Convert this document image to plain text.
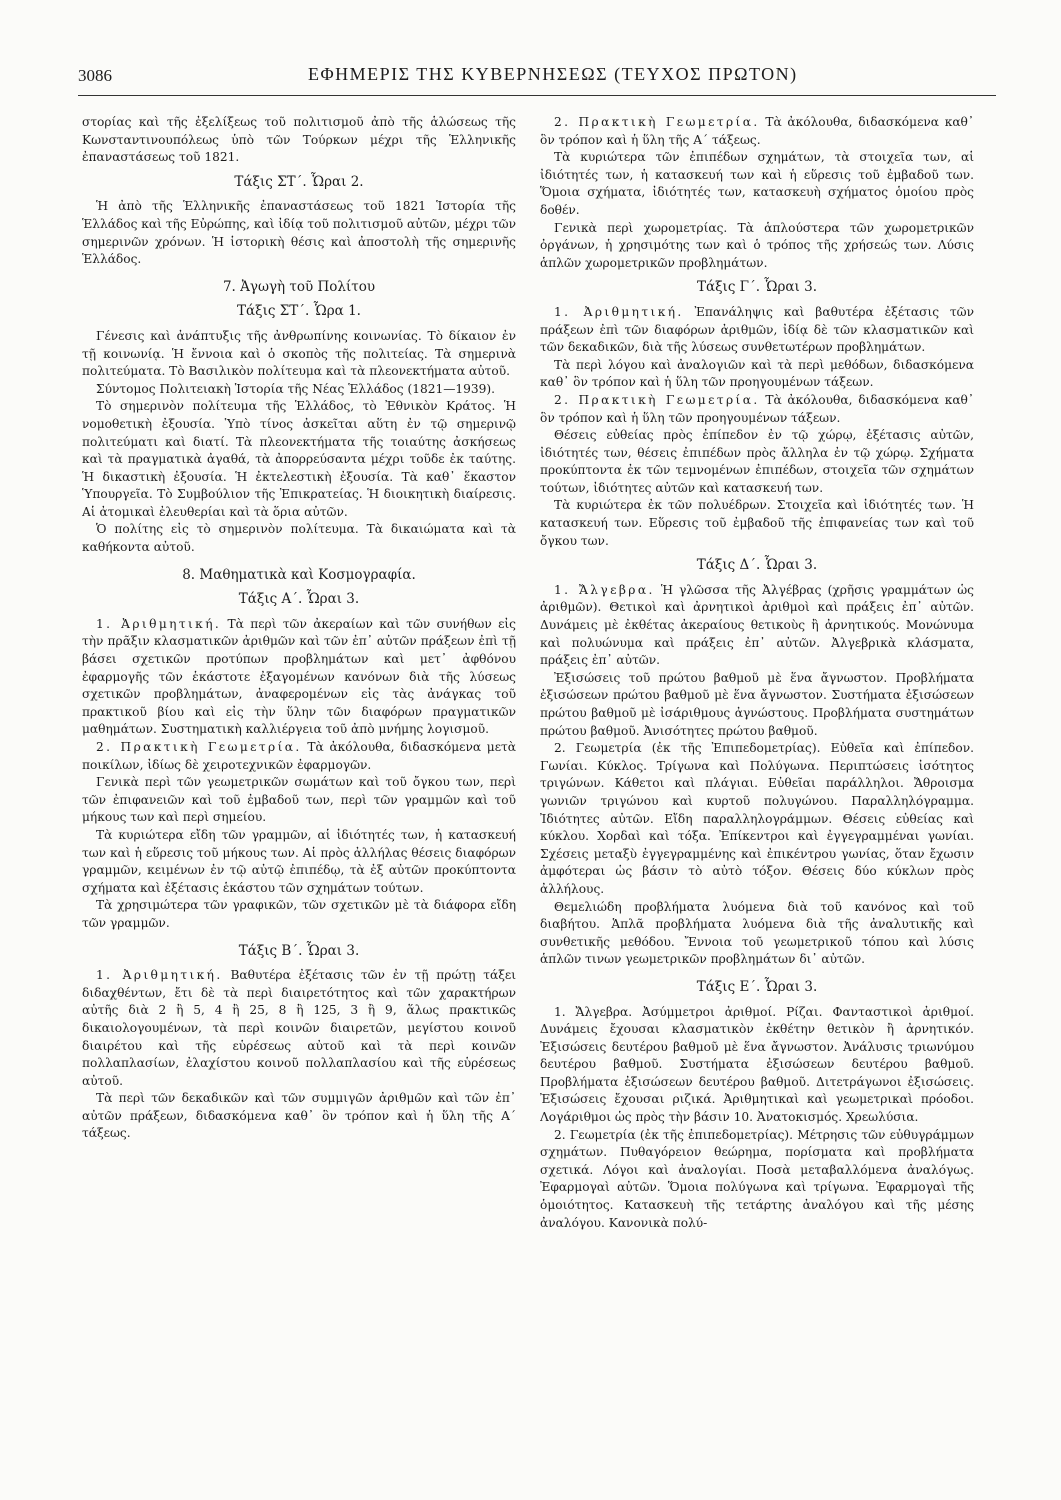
3086	ΕΦΗΜΕΡΙΣ ΤΗΣ ΚΥΒΕΡΝΗΣΕΩΣ (ΤΕΥΧΟΣ ΠΡΩΤΟΝ)

στορίας καὶ τῆς ἐξελίξεως τοῦ πολιτισμοῦ ἀπὸ τῆς ἁλώσεως τῆς Κωνσταντινουπόλεως ὑπὸ τῶν Τούρκων μέχρι τῆς Ἑλληνικῆς ἐπαναστάσεως τοῦ 1821.

Τάξις ΣΤ΄. Ὧραι 2.

Ἡ ἀπὸ τῆς Ἑλληνικῆς ἐπαναστάσεως τοῦ 1821 Ἱστορία τῆς Ἑλλάδος καὶ τῆς Εὐρώπης, καὶ ἰδίᾳ τοῦ πολιτισμοῦ αὐτῶν, μέχρι τῶν σημερινῶν χρόνων. Ἡ ἱστορικὴ θέσις καὶ ἀποστολὴ τῆς σημερινῆς Ἑλλάδος.

7. Ἀγωγὴ τοῦ Πολίτου

Τάξις ΣΤ΄. Ὧρα 1.

Γένεσις καὶ ἀνάπτυξις τῆς ἀνθρωπίνης κοινωνίας. Τὸ δίκαιον ἐν τῇ κοινωνίᾳ. Ἡ ἔννοια καὶ ὁ σκοπὸς τῆς πολιτείας. Τὰ σημερινὰ πολιτεύματα. Τὸ Βασιλικὸν πολίτευμα καὶ τὰ πλεονεκτήματα αὐτοῦ.

Σύντομος Πολιτειακὴ Ἱστορία τῆς Νέας Ἑλλάδος (1821—1939).

Τὸ σημερινὸν πολίτευμα τῆς Ἑλλάδος, τὸ Ἐθνικὸν Κράτος. Ἡ νομοθετικὴ ἐξουσία. Ὑπὸ τίνος ἀσκεῖται αὕτη ἐν τῷ σημερινῷ πολιτεύματι καὶ διατί. Τὰ πλεονεκτήματα τῆς τοιαύτης ἀσκήσεως καὶ τὰ πραγματικὰ ἀγαθά, τὰ ἀπορρεύσαντα μέχρι τοῦδε ἐκ ταύτης. Ἡ δικαστικὴ ἐξουσία. Ἡ ἐκτελεστικὴ ἐξουσία. Τὰ καθ᾽ ἕκαστον Ὑπουργεῖα. Τὸ Συμβούλιον τῆς Ἐπικρατείας. Ἡ διοικητικὴ διαίρεσις. Αἱ ἀτομικαὶ ἐλευθερίαι καὶ τὰ ὅρια αὐτῶν.

Ὁ πολίτης εἰς τὸ σημερινὸν πολίτευμα. Τὰ δικαιώματα καὶ τὰ καθήκοντα αὐτοῦ.

8. Μαθηματικὰ καὶ Κοσμογραφία.

Τάξις Α΄. Ὧραι 3.

1. Ἀριθμητική. Τὰ περὶ τῶν ἀκεραίων καὶ τῶν συνήθων εἰς τὴν πρᾶξιν κλασματικῶν ἀριθμῶν καὶ τῶν ἐπ᾽ αὐτῶν πράξεων ἐπὶ τῇ βάσει σχετικῶν προτύπων προβλημάτων καὶ μετ᾽ ἀφθόνου ἐφαρμογῆς τῶν ἑκάστοτε ἐξαγομένων κανόνων διὰ τῆς λύσεως σχετικῶν προβλημάτων, ἀναφερομένων εἰς τὰς ἀνάγκας τοῦ πρακτικοῦ βίου καὶ εἰς τὴν ὕλην τῶν διαφόρων πραγματικῶν μαθημάτων. Συστηματικὴ καλλιέργεια τοῦ ἀπὸ μνήμης λογισμοῦ.

2. Πρακτικὴ Γεωμετρία. Τὰ ἀκόλουθα, διδασκόμενα μετὰ ποικίλων, ἰδίως δὲ χειροτεχνικῶν ἐφαρμογῶν.

Γενικὰ περὶ τῶν γεωμετρικῶν σωμάτων καὶ τοῦ ὄγκου των, περὶ τῶν ἐπιφανειῶν καὶ τοῦ ἐμβαδοῦ των, περὶ τῶν γραμμῶν καὶ τοῦ μήκους των καὶ περὶ σημείου.

Τὰ κυριώτερα εἴδη τῶν γραμμῶν, αἱ ἰδιότητές των, ἡ κατασκευή των καὶ ἡ εὕρεσις τοῦ μήκους των. Αἱ πρὸς ἀλλήλας θέσεις διαφόρων γραμμῶν, κειμένων ἐν τῷ αὐτῷ ἐπιπέδῳ, τὰ ἐξ αὐτῶν προκύπτοντα σχήματα καὶ ἐξέτασις ἑκάστου τῶν σχημάτων τούτων.

Τὰ χρησιμώτερα τῶν γραφικῶν, τῶν σχετικῶν μὲ τὰ διάφορα εἴδη τῶν γραμμῶν.

Τάξις Β΄. Ὧραι 3.

1. Ἀριθμητική. Βαθυτέρα ἐξέτασις τῶν ἐν τῇ πρώτῃ τάξει διδαχθέντων, ἔτι δὲ τὰ περὶ διαιρετότητος καὶ τῶν χαρακτήρων αὐτῆς διὰ 2 ἢ 5, 4 ἢ 25, 8 ἢ 125, 3 ἢ 9, ἅλως πρακτικῶς δικαιολογουμένων, τὰ περὶ κοινῶν διαιρετῶν, μεγίστου κοινοῦ διαιρέτου καὶ τῆς εὑρέσεως αὐτοῦ καὶ τὰ περὶ κοινῶν πολλαπλασίων, ἐλαχίστου κοινοῦ πολλαπλασίου καὶ τῆς εὑρέσεως αὐτοῦ.

Τὰ περὶ τῶν δεκαδικῶν καὶ τῶν συμμιγῶν ἀριθμῶν καὶ τῶν ἐπ᾽ αὐτῶν πράξεων, διδασκόμενα καθ᾽ ὃν τρόπον καὶ ἡ ὕλη τῆς Α΄ τάξεως.

2. Πρακτικὴ Γεωμετρία. Τὰ ἀκόλουθα, διδασκόμενα καθ᾽ ὃν τρόπον καὶ ἡ ὕλη τῆς Α΄ τάξεως.

Τὰ κυριώτερα τῶν ἐπιπέδων σχημάτων, τὰ στοιχεῖα των, αἱ ἰδιότητές των, ἡ κατασκευή των καὶ ἡ εὕρεσις τοῦ ἐμβαδοῦ των. Ὅμοια σχήματα, ἰδιότητές των, κατασκευὴ σχήματος ὁμοίου πρὸς δοθέν.

Γενικὰ περὶ χωρομετρίας. Τὰ ἁπλούστερα τῶν χωρομετρικῶν ὀργάνων, ἡ χρησιμότης των καὶ ὁ τρόπος τῆς χρήσεώς των. Λύσις ἁπλῶν χωρομετρικῶν προβλημάτων.

Τάξις Γ΄. Ὧραι 3.

1. Ἀριθμητική. Ἐπανάληψις καὶ βαθυτέρα ἐξέτασις τῶν πράξεων ἐπὶ τῶν διαφόρων ἀριθμῶν, ἰδίᾳ δὲ τῶν κλασματικῶν καὶ τῶν δεκαδικῶν, διὰ τῆς λύσεως συνθετωτέρων προβλημάτων.

Τὰ περὶ λόγου καὶ ἀναλογιῶν καὶ τὰ περὶ μεθόδων, διδασκόμενα καθ᾽ ὃν τρόπον καὶ ἡ ὕλη τῶν προηγουμένων τάξεων.

2. Πρακτικὴ Γεωμετρία. Τὰ ἀκόλουθα, διδασκόμενα καθ᾽ ὃν τρόπον καὶ ἡ ὕλη τῶν προηγουμένων τάξεων.

Θέσεις εὐθείας πρὸς ἐπίπεδον ἐν τῷ χώρῳ, ἐξέτασις αὐτῶν, ἰδιότητές των, θέσεις ἐπιπέδων πρὸς ἄλληλα ἐν τῷ χώρῳ. Σχήματα προκύπτοντα ἐκ τῶν τεμνομένων ἐπιπέδων, στοιχεῖα τῶν σχημάτων τούτων, ἰδιότητες αὐτῶν καὶ κατασκευή των.

Τὰ κυριώτερα ἐκ τῶν πολυέδρων. Στοιχεῖα καὶ ἰδιότητές των. Ἡ κατασκευή των. Εὕρεσις τοῦ ἐμβαδοῦ τῆς ἐπιφανείας των καὶ τοῦ ὄγκου των.

Τάξις Δ΄. Ὧραι 3.

1. Ἄλγεβρα. Ἡ γλῶσσα τῆς Ἀλγέβρας (χρῆσις γραμμάτων ὡς ἀριθμῶν). Θετικοὶ καὶ ἀρνητικοὶ ἀριθμοὶ καὶ πράξεις ἐπ᾽ αὐτῶν. Δυνάμεις μὲ ἐκθέτας ἀκεραίους θετικοὺς ἢ ἀρνητικούς. Μονώνυμα καὶ πολυώνυμα καὶ πράξεις ἐπ᾽ αὐτῶν. Ἀλγεβρικὰ κλάσματα, πράξεις ἐπ᾽ αὐτῶν.

Ἐξισώσεις τοῦ πρώτου βαθμοῦ μὲ ἕνα ἄγνωστον. Προβλήματα ἐξισώσεων πρώτου βαθμοῦ μὲ ἕνα ἄγνωστον. Συστήματα ἐξισώσεων πρώτου βαθμοῦ μὲ ἰσάριθμους ἀγνώστους. Προβλήματα συστημάτων πρώτου βαθμοῦ. Ἀνισότητες πρώτου βαθμοῦ.

2. Γεωμετρία (ἐκ τῆς Ἐπιπεδομετρίας). Εὐθεῖα καὶ ἐπίπεδον. Γωνίαι. Κύκλος. Τρίγωνα καὶ Πολύγωνα. Περιπτώσεις ἰσότητος τριγώνων. Κάθετοι καὶ πλάγιαι. Εὐθεῖαι παράλληλοι. Ἄθροισμα γωνιῶν τριγώνου καὶ κυρτοῦ πολυγώνου. Παραλληλόγραμμα. Ἰδιότητες αὐτῶν. Εἴδη παραλληλογράμμων. Θέσεις εὐθείας καὶ κύκλου. Χορδαὶ καὶ τόξα. Ἐπίκεντροι καὶ ἐγγεγραμμέναι γωνίαι. Σχέσεις μεταξὺ ἐγγεγραμμένης καὶ ἐπικέντρου γωνίας, ὅταν ἔχωσιν ἀμφότεραι ὡς βάσιν τὸ αὐτὸ τόξον. Θέσεις δύο κύκλων πρὸς ἀλλήλους.

Θεμελιώδη προβλήματα λυόμενα διὰ τοῦ κανόνος καὶ τοῦ διαβήτου. Ἁπλᾶ προβλήματα λυόμενα διὰ τῆς ἀναλυτικῆς καὶ συνθετικῆς μεθόδου. Ἔννοια τοῦ γεωμετρικοῦ τόπου καὶ λύσις ἁπλῶν τινων γεωμετρικῶν προβλημάτων δι᾽ αὐτῶν.

Τάξις Ε΄. Ὧραι 3.

1. Ἄλγεβρα. Ἀσύμμετροι ἀριθμοί. Ρίζαι. Φανταστικοὶ ἀριθμοί. Δυνάμεις ἔχουσαι κλασματικὸν ἐκθέτην θετικὸν ἢ ἀρνητικόν. Ἐξισώσεις δευτέρου βαθμοῦ μὲ ἕνα ἄγνωστον. Ἀνάλυσις τριωνύμου δευτέρου βαθμοῦ. Συστήματα ἐξισώσεων δευτέρου βαθμοῦ. Προβλήματα ἐξισώσεων δευτέρου βαθμοῦ. Διτετράγωνοι ἐξισώσεις. Ἐξισώσεις ἔχουσαι ριζικά. Ἀριθμητικαὶ καὶ γεωμετρικαὶ πρόοδοι. Λογάριθμοι ὡς πρὸς τὴν βάσιν 10. Ἀνατοκισμός. Χρεωλύσια.

2. Γεωμετρία (ἐκ τῆς ἐπιπεδομετρίας). Μέτρησις τῶν εὐθυγράμμων σχημάτων. Πυθαγόρειον θεώρημα, πορίσματα καὶ προβλήματα σχετικά. Λόγοι καὶ ἀναλογίαι. Ποσὰ μεταβαλλόμενα ἀναλόγως. Ἐφαρμογαὶ αὐτῶν. Ὅμοια πολύγωνα καὶ τρίγωνα. Ἐφαρμογαὶ τῆς ὁμοιότητος. Κατασκευὴ τῆς τετάρτης ἀναλόγου καὶ τῆς μέσης ἀναλόγου. Κανονικὰ πολύ-
